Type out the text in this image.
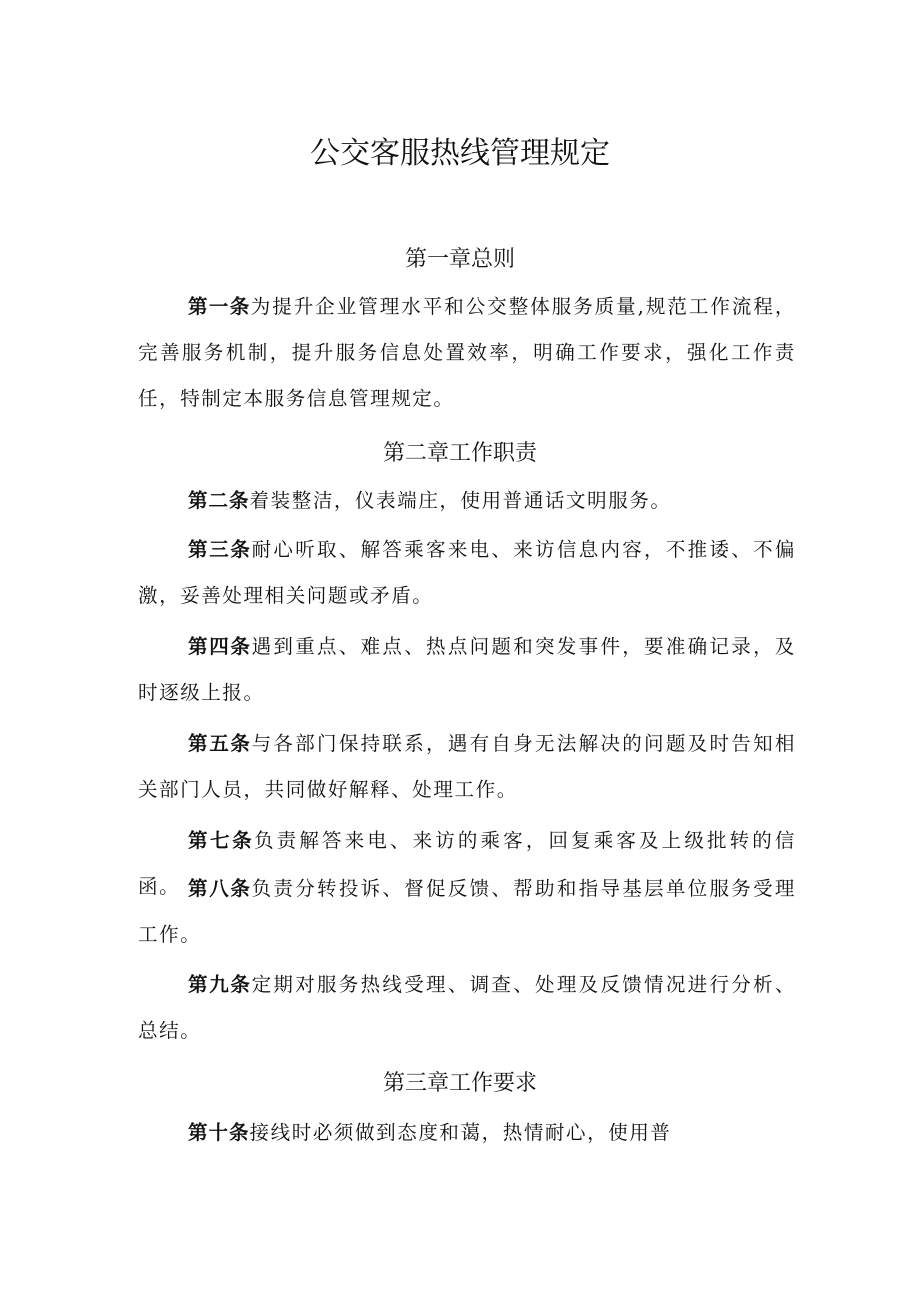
公交客服热线管理规定
第一章总则

第一条为提升企业管理水平和公交整体服务质量,规范工作流程，完善服务机制，提升服务信息处置效率，明确工作要求，强化工作责任，特制定本服务信息管理规定。

第二章工作职责

第二条着装整洁，仪表端庄，使用普通话文明服务。

第三条耐心听取、解答乘客来电、来访信息内容，不推诿、不偏激，妥善处理相关问题或矛盾。

第四条遇到重点、难点、热点问题和突发事件，要准确记录，及时逐级上报。

第五条与各部门保持联系，遇有自身无法解决的问题及时告知相关部门人员，共同做好解释、处理工作。

第七条负责解答来电、来访的乘客，回复乘客及上级批转的信函。 第八条负责分转投诉、督促反馈、帮助和指导基层单位服务受理工作。

第九条定期对服务热线受理、调查、处理及反馈情况进行分析、总结。

第三章工作要求

第十条接线时必须做到态度和蔼，热情耐心，使用普
